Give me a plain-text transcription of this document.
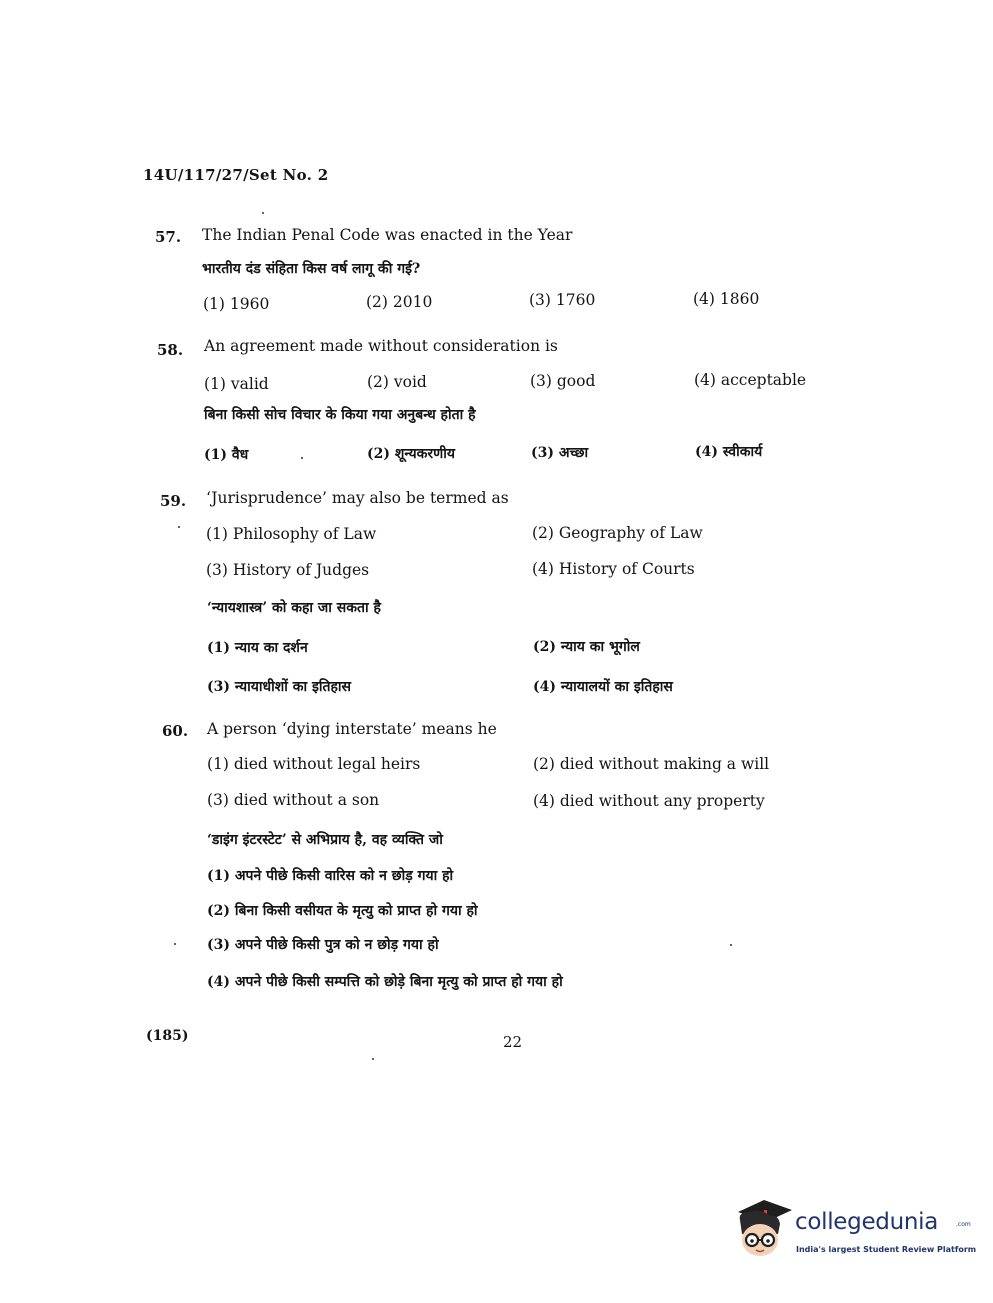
14U/117/27/Set No. 2
57. The Indian Penal Code was enacted in the Year
भारतीय दंड संहिता किस वर्ष लागू की गई?
(1) 1960	(2) 2010	(3) 1760	(4) 1860
58. An agreement made without consideration is
(1) valid	(2) void	(3) good	(4) acceptable
बिना किसी सोच विचार के किया गया अनुबन्ध होता है
(1) वैध	(2) शून्यकरणीय	(3) अच्छा	(4) स्वीकार्य
59. ‘Jurisprudence’ may also be termed as
(1) Philosophy of Law	(2) Geography of Law
(3) History of Judges	(4) History of Courts
‘न्यायशास्त्र’ को कहा जा सकता है
(1) न्याय का दर्शन	(2) न्याय का भूगोल
(3) न्यायाधीशों का इतिहास	(4) न्यायालयों का इतिहास
60. A person ‘dying interstate’ means he
(1) died without legal heirs	(2) died without making a will
(3) died without a son	(4) died without any property
‘डाइंग इंटरस्टेट’ से अभिप्राय है, वह व्यक्ति जो
(1) अपने पीछे किसी वारिस को न छोड़ गया हो
(2) बिना किसी वसीयत के मृत्यु को प्राप्त हो गया हो
(3) अपने पीछे किसी पुत्र को न छोड़ गया हो
(4) अपने पीछे किसी सम्पत्ति को छोड़े बिना मृत्यु को प्राप्त हो गया हो
(185)	22
collegedunia	.com
India's largest Student Review Platform
